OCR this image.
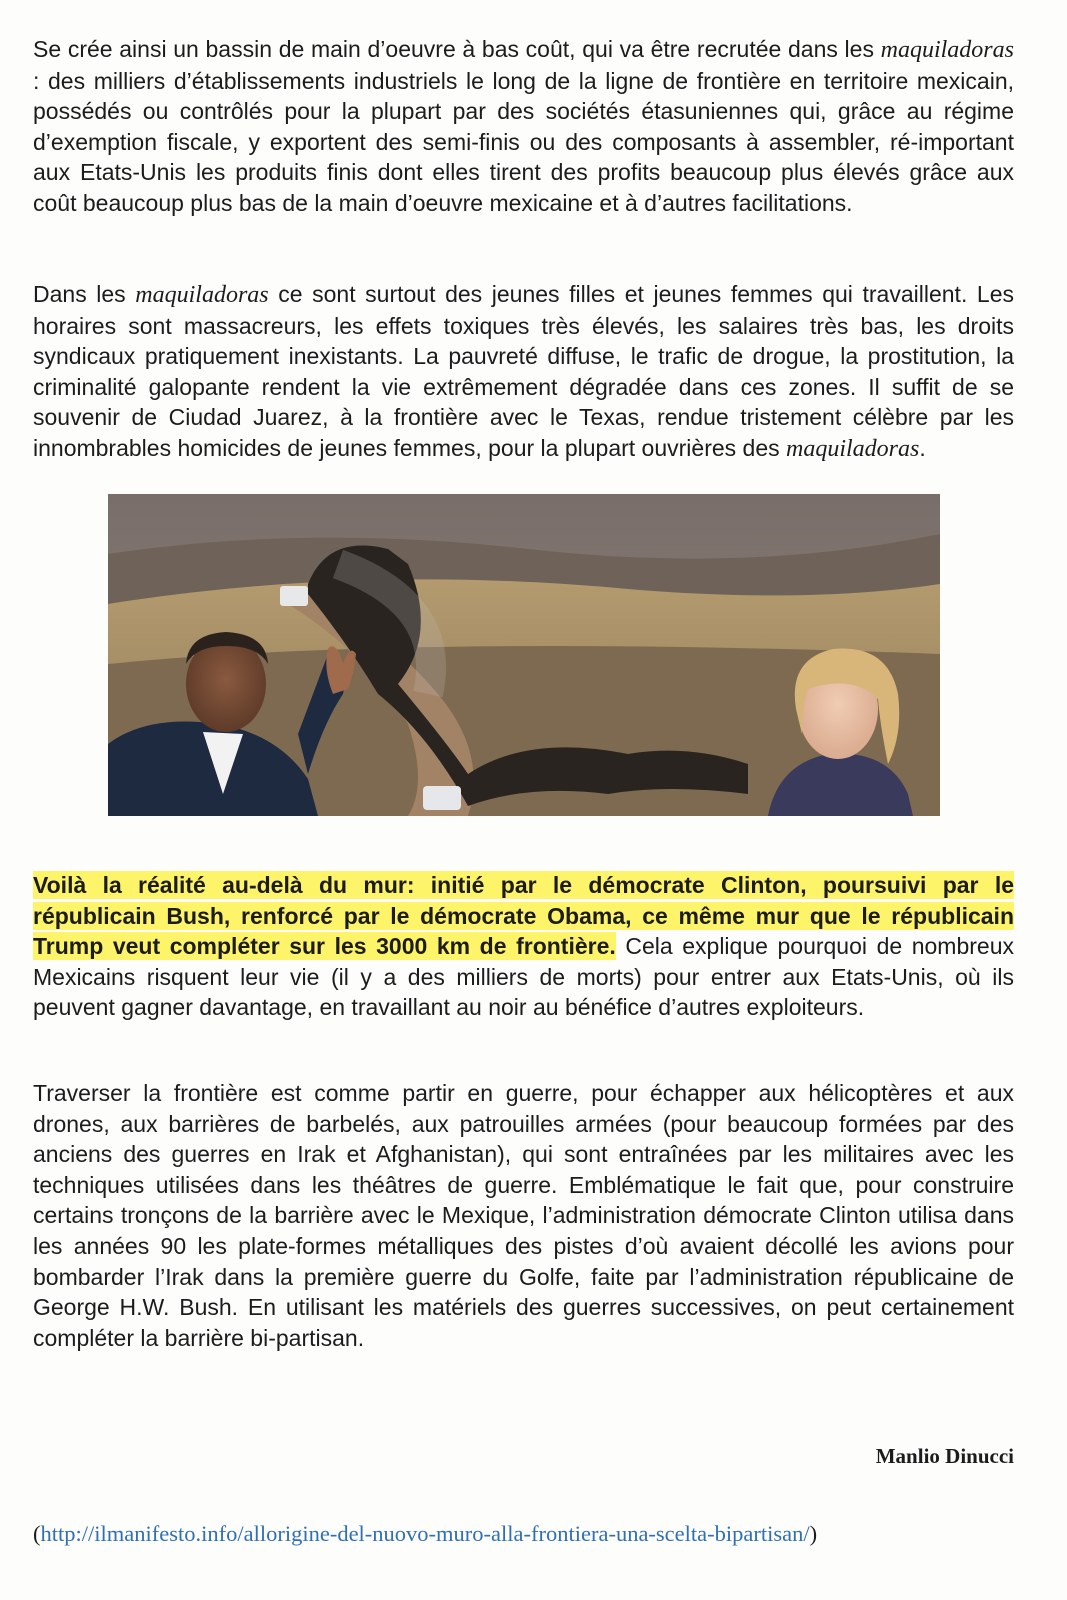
Se crée ainsi un bassin de main d’oeuvre à bas coût, qui va être recrutée dans les maquiladoras : des milliers d’établissements industriels le long de la ligne de frontière en territoire mexicain, possédés ou contrôlés pour la plupart par des sociétés étasuniennes qui, grâce au régime d’exemption fiscale, y exportent des semi-finis ou des composants à assembler, ré-important aux Etats-Unis les produits finis dont elles tirent des profits beaucoup plus élevés grâce aux coût beaucoup plus bas de la main d’oeuvre mexicaine et à d’autres facilitations.

Dans les maquiladoras ce sont surtout des jeunes filles et jeunes femmes qui travaillent. Les horaires sont massacreurs, les effets toxiques très élevés, les salaires très bas, les droits syndicaux pratiquement inexistants. La pauvreté diffuse, le trafic de drogue, la prostitution, la criminalité galopante rendent la vie extrêmement dégradée dans ces zones. Il suffit de se souvenir de Ciudad Juarez, à la frontière avec le Texas, rendue tristement célèbre par les innombrables homicides de jeunes femmes, pour la plupart ouvrières des maquiladoras.

Voilà la réalité au-delà du mur: initié par le démocrate Clinton, poursuivi par le républicain Bush, renforcé par le démocrate Obama, ce même mur que le républicain Trump veut compléter sur les 3000 km de frontière. Cela explique pourquoi de nombreux Mexicains risquent leur vie (il y a des milliers de morts) pour entrer aux Etats-Unis, où ils peuvent gagner davantage, en travaillant au noir au bénéfice d’autres exploiteurs.

Traverser la frontière est comme partir en guerre, pour échapper aux hélicoptères et aux drones, aux barrières de barbelés, aux patrouilles armées (pour beaucoup formées par des anciens des guerres en Irak et Afghanistan), qui sont entraînées par les militaires avec les techniques utilisées dans les théâtres de guerre. Emblématique le fait que, pour construire certains tronçons de la barrière avec le Mexique, l’administration démocrate Clinton utilisa dans les années 90 les plate-formes métalliques des pistes d’où avaient décollé les avions pour bombarder l’Irak dans la première guerre du Golfe, faite par l’administration républicaine de George H.W. Bush. En utilisant les matériels des guerres successives, on peut certainement compléter la barrière bi-partisan.

Manlio Dinucci

(http://ilmanifesto.info/allorigine-del-nuovo-muro-alla-frontiera-una-scelta-bipartisan/)
